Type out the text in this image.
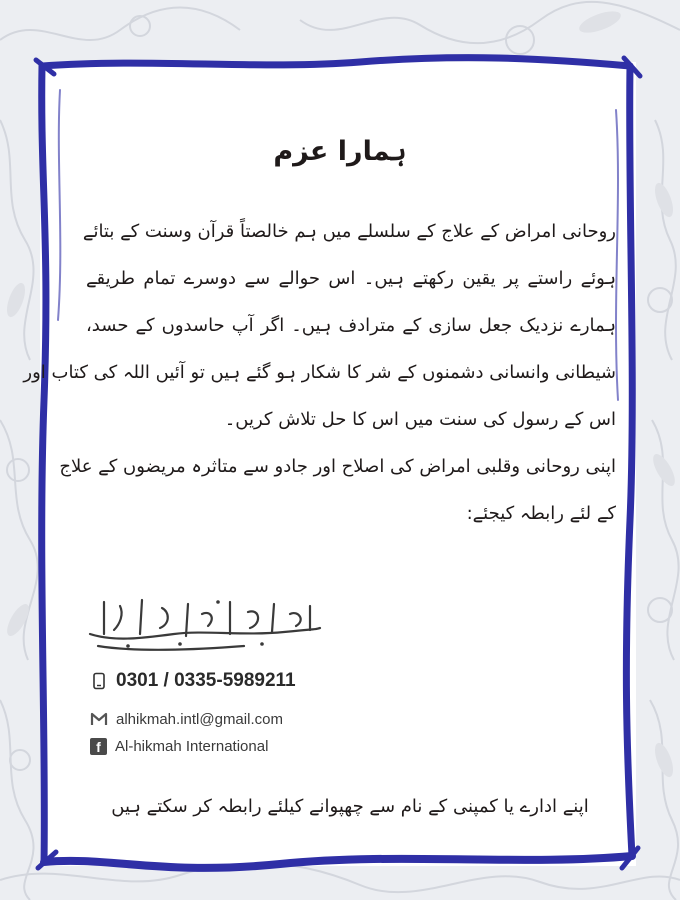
ہمارا عزم
روحانی امراض کے علاج کے سلسلے میں ہم خالصتاً قرآن وسنت کے بتائے
ہوئے راستے پر یقین رکھتے ہیں۔ اس حوالے سے دوسرے تمام طریقے
ہمارے نزدیک جعل سازی کے مترادف ہیں۔ اگر آپ حاسدوں کے حسد،
شیطانی وانسانی دشمنوں کے شر کا شکار ہو گئے ہیں تو آئیں اللہ کی کتاب اور
اس کے رسول کی سنت میں اس کا حل تلاش کریں۔
اپنی روحانی وقلبی امراض کی اصلاح اور جادو سے متاثرہ مریضوں کے علاج
کے لئے رابطہ کیجئے:
0301 / 0335-5989211
alhikmah.intl@gmail.com
f Al-hikmah International
اپنے ادارے یا کمپنی کے نام سے چھپوانے کیلئے رابطہ کر سکتے ہیں
